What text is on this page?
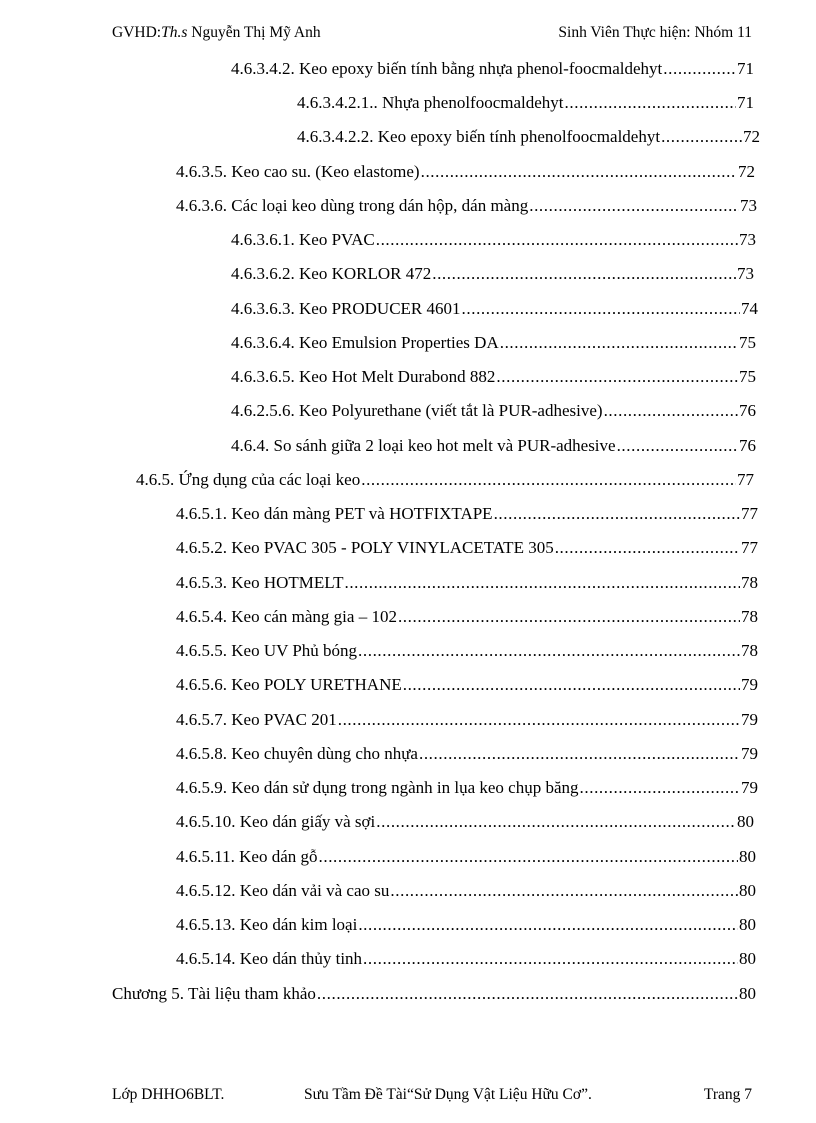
GVHD:Th.s Nguyễn Thị Mỹ Anh	Sinh Viên Thực hiện: Nhóm 11
4.6.3.4.2. Keo epoxy biến tính bằng nhựa phenol-foocmaldehyt .....	71
4.6.3.4.2.1.. Nhựa phenolfoocmaldehyt .....	71
4.6.3.4.2.2. Keo epoxy biến tính phenolfoocmaldehyt .....	72
4.6.3.5. Keo cao su. (Keo elastome) .....	72
4.6.3.6. Các loại keo dùng trong dán hộp, dán màng .....	73
4.6.3.6.1. Keo PVAC .....	73
4.6.3.6.2. Keo KORLOR 472 .....	73
4.6.3.6.3. Keo PRODUCER 4601 .....	74
4.6.3.6.4. Keo Emulsion Properties DA .....	75
4.6.3.6.5. Keo Hot Melt Durabond 882 .....	75
4.6.2.5.6. Keo Polyurethane (viết tắt là PUR-adhesive) .....	76
4.6.4. So sánh giữa 2 loại keo hot melt và PUR-adhesive .....	76
4.6.5. Ứng dụng của các loại keo .....	77
4.6.5.1. Keo dán màng PET và HOTFIXTAPE .....	77
4.6.5.2. Keo PVAC 305 - POLY VINYLACETATE 305 .....	77
4.6.5.3. Keo HOTMELT .....	78
4.6.5.4. Keo cán màng gia – 102 .....	78
4.6.5.5. Keo UV Phủ bóng .....	78
4.6.5.6. Keo POLY URETHANE .....	79
4.6.5.7. Keo PVAC 201 .....	79
4.6.5.8. Keo chuyên dùng cho nhựa .....	79
4.6.5.9. Keo dán sử dụng trong ngành in lụa keo chụp băng .....	79
4.6.5.10. Keo dán giấy và sợi .....	80
4.6.5.11. Keo dán gỗ .....	80
4.6.5.12. Keo dán vải và cao su .....	80
4.6.5.13. Keo dán kim loại .....	80
4.6.5.14. Keo dán thủy tinh .....	80
Chương 5. Tài liệu tham khảo .....	80
Lớp DHHO6BLT.	Sưu Tầm Đề Tài“Sử Dụng Vật Liệu Hữu Cơ”.	Trang 7
